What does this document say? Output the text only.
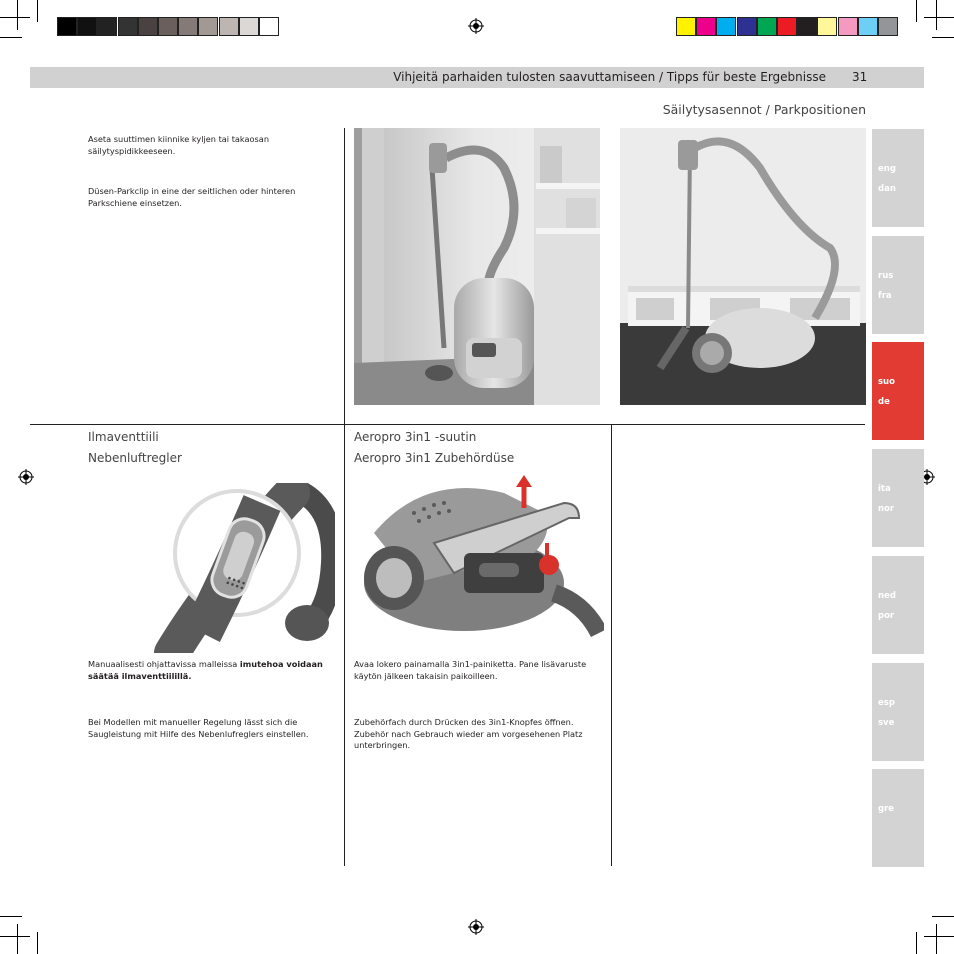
Vihjeitä parhaiden tulosten saavuttamiseen / Tipps für beste Ergebnisse 31
Säilytysasennot / Parkpositionen
Aseta suuttimen kiinnike kyljen tai takaosan säilytyspidikkeeseen.
Düsen-Parkclip in eine der seitlichen oder hinteren Parkschiene einsetzen.
Ilmaventtiili
Nebenluftregler
Manuaalisesti ohjattavissa malleissa imutehoa voidaan säätää ilmaventtiilillä.
Bei Modellen mit manueller Regelung lässt sich die Saugleistung mit Hilfe des Nebenlufreglers einstellen.
Aeropro 3in1 -suutin
Aeropro 3in1 Zubehördüse
Avaa lokero painamalla 3in1-painiketta. Pane lisävaruste käytön jälkeen takaisin paikoilleen.
Zubehörfach durch Drücken des 3in1-Knopfes öffnen. Zubehör nach Gebrauch wieder am vorgesehenen Platz unterbringen.
eng
dan
rus
fra
suo
de
ita
nor
ned
por
esp
sve
gre
